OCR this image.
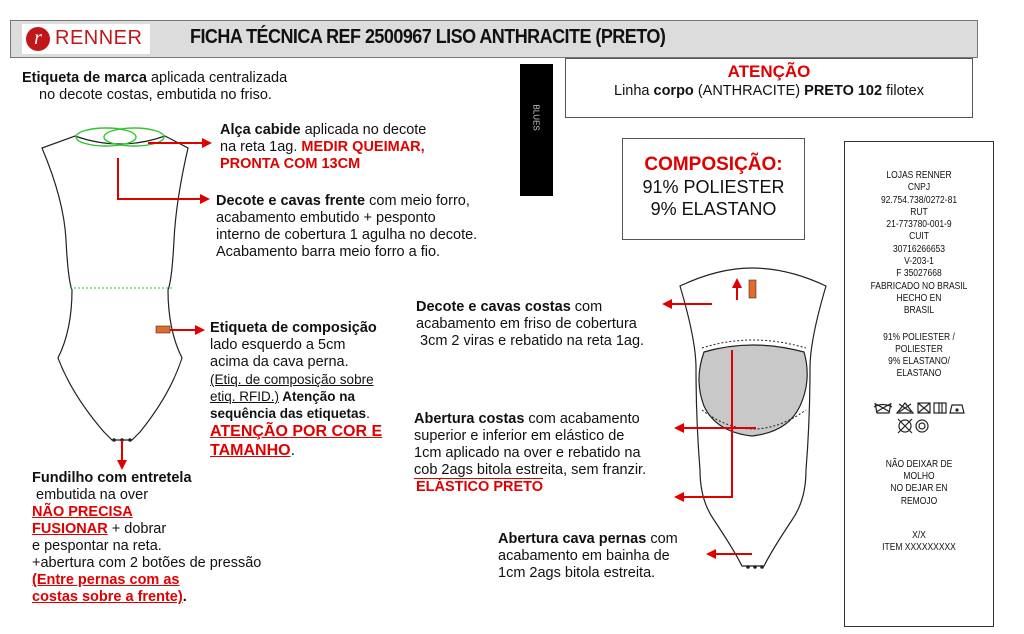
r RENNER FICHA TÉCNICA REF 2500967 LISO ANTHRACITE (PRETO)
Etiqueta de marca aplicada centralizada
no decote costas, embutida no friso.
ATENÇÃO
Linha corpo (ANTHRACITE) PRETO 102 filotex
BLUES
COMPOSIÇÃO:
91% POLIESTER
9% ELASTANO
LOJAS RENNER
CNPJ
92.754.738/0272-81
RUT
21-773780-001-9
CUIT
30716266653
V-203-1
F 35027668
FABRICADO NO BRASIL
HECHO EN
BRASIL
91% POLIESTER /
POLIESTER
9% ELASTANO/
ELASTANO
NÃO DEIXAR DE
MOLHO
NO DEJAR EN
REMOJO
X/X
ITEM XXXXXXXXX
Alça cabide aplicada no decote
na reta 1ag. MEDIR QUEIMAR,
PRONTA COM 13CM
Decote e cavas frente com meio forro,
acabamento embutido + pesponto
interno de cobertura 1 agulha no decote.
Acabamento barra meio forro a fio.
Etiqueta de composição
lado esquerdo a 5cm
acima da cava perna.
(Etiq. de composição sobre
etiq. RFID.) Atenção na
sequência das etiquetas.
ATENÇÃO POR COR E
TAMANHO.
Decote e cavas costas com
acabamento em friso de cobertura
3cm 2 viras e rebatido na reta 1ag.
Abertura costas com acabamento
superior e inferior em elástico de
1cm aplicado na over e rebatido na
cob 2ags bitola estreita, sem franzir.
ELÁSTICO PRETO
Fundilho com entretela
embutida na over
NÃO PRECISA
FUSIONAR + dobrar
e pespontar na reta.
+abertura com 2 botões de pressão
(Entre pernas com as
costas sobre a frente).
Abertura cava pernas com
acabamento em bainha de
1cm 2ags bitola estreita.
